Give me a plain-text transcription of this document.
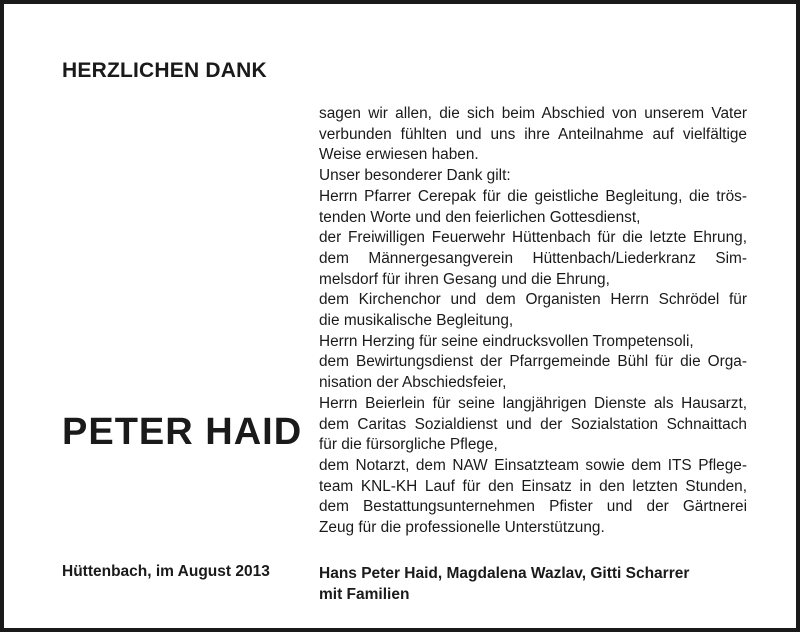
HERZLICHEN DANK
PETER HAID
sagen wir allen, die sich beim Abschied von unserem Vater
verbunden fühlten und uns ihre Anteilnahme auf vielfältige
Weise erwiesen haben.
Unser besonderer Dank gilt:
Herrn Pfarrer Cerepak für die geistliche Begleitung, die trös-
tenden Worte und den feierlichen Gottesdienst,
der Freiwilligen Feuerwehr Hüttenbach für die letzte Ehrung,
dem Männergesangverein Hüttenbach/Liederkranz Sim-
melsdorf für ihren Gesang und die Ehrung,
dem Kirchenchor und dem Organisten Herrn Schrödel für
die musikalische Begleitung,
Herrn Herzing für seine eindrucksvollen Trompetensoli,
dem Bewirtungsdienst der Pfarrgemeinde Bühl für die Orga-
nisation der Abschiedsfeier,
Herrn Beierlein für seine langjährigen Dienste als Hausarzt,
dem Caritas Sozialdienst und der Sozialstation Schnaittach
für die fürsorgliche Pflege,
dem Notarzt, dem NAW Einsatzteam sowie dem ITS Pflege-
team KNL-KH Lauf für den Einsatz in den letzten Stunden,
dem Bestattungsunternehmen Pfister und der Gärtnerei
Zeug für die professionelle Unterstützung.

Hüttenbach, im August 2013	Hans Peter Haid, Magdalena Wazlav, Gitti Scharrer
mit Familien
